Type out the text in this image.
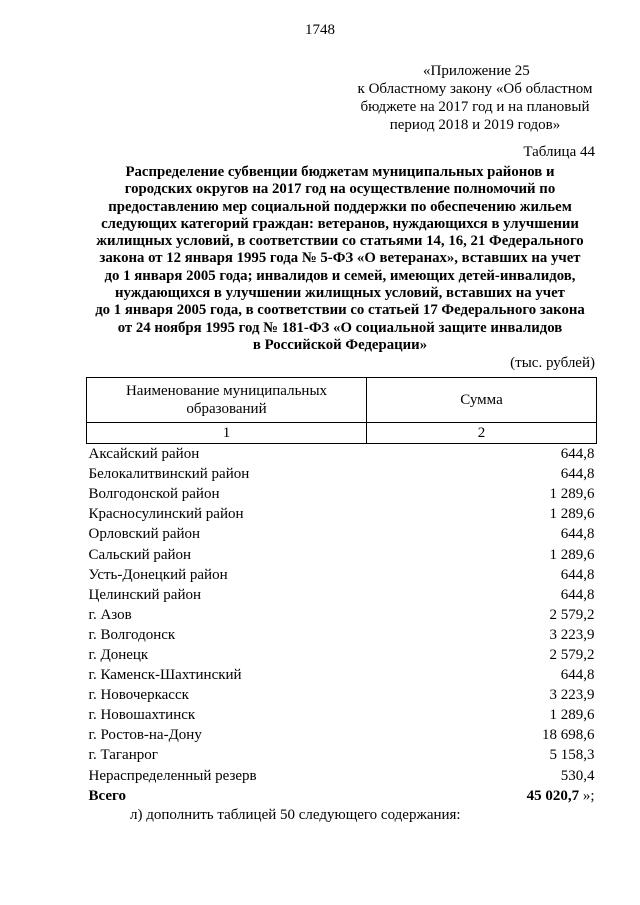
1748
«Приложение 25
к Областному закону «Об областном
бюджете на 2017 год и на плановый
период 2018 и 2019 годов»
Таблица 44
Распределение субвенции бюджетам муниципальных районов и
городских округов на 2017 год на осуществление полномочий по
предоставлению мер социальной поддержки по обеспечению жильем
следующих категорий граждан: ветеранов, нуждающихся в улучшении
жилищных условий, в соответствии со статьями 14, 16, 21 Федерального
закона от 12 января 1995 года № 5-ФЗ «О ветеранах», вставших на учет
до 1 января 2005 года; инвалидов и семей, имеющих детей-инвалидов,
нуждающихся в улучшении жилищных условий, вставших на учет
до 1 января 2005 года, в соответствии со статьей 17 Федерального закона
от 24 ноября 1995 год № 181-ФЗ «О социальной защите инвалидов
в Российской Федерации»
(тыс. рублей)
Наименование муниципальных
образований	Сумма
1	2
Аксайский район	644,8
Белокалитвинский район	644,8
Волгодонской район	1 289,6
Красносулинский район	1 289,6
Орловский район	644,8
Сальский район	1 289,6
Усть-Донецкий район	644,8
Целинский район	644,8
г. Азов	2 579,2
г. Волгодонск	3 223,9
г. Донецк	2 579,2
г. Каменск-Шахтинский	644,8
г. Новочеркасск	3 223,9
г. Новошахтинск	1 289,6
г. Ростов-на-Дону	18 698,6
г. Таганрог	5 158,3
Нераспределенный резерв	530,4
Всего	45 020,7 »;
л) дополнить таблицей 50 следующего содержания:
